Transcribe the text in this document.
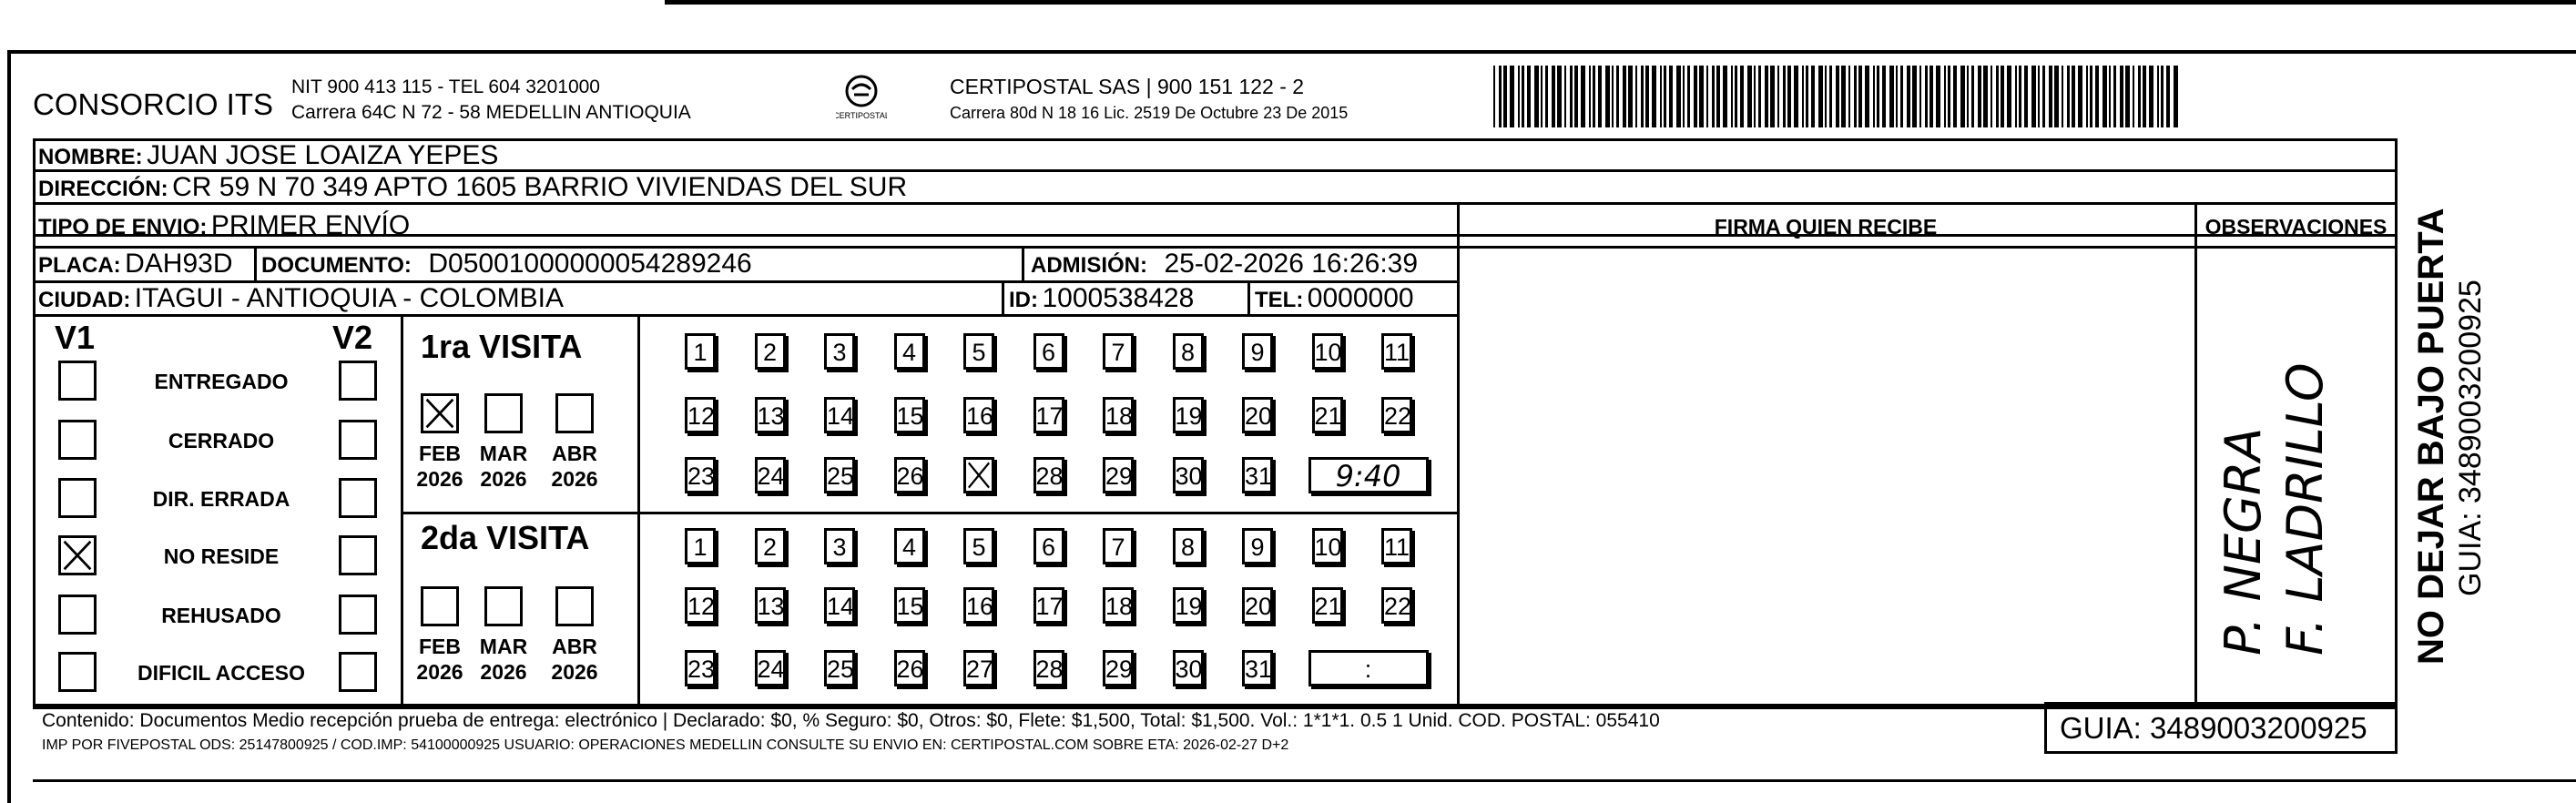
CONSORCIO ITS
NIT 900 413 115 - TEL 604 3201000
Carrera 64C N 72 - 58 MEDELLIN ANTIOQUIA	CERTIPOSTAL
CERTIPOSTAL SAS | 900 151 122 - 2
Carrera 80d N 18 16 Lic. 2519 De Octubre 23 De 2015
NOMBRE: JUAN JOSE LOAIZA YEPES
DIRECCIÓN: CR 59 N 70 349 APTO 1605 BARRIO VIVIENDAS DEL SUR
TIPO DE ENVIO: PRIMER ENVÍO
PLACA: DAH93D DOCUMENTO: D05001000000054289246	ADMISIÓN: 25-02-2026 16:26:39
CIUDAD: ITAGUI - ANTIOQUIA - COLOMBIA	ID: 1000538428	TEL: 0000000
FIRMA QUIEN RECIBE	OBSERVACIONES
P. NEGRA F. LADRILLO
V1	V2
ENTREGADO
CERRADO
DIR. ERRADA
NO RESIDE
REHUSADO
DIFICIL ACCESO
1ra VISITA
2da VISITA
FEB
2026
MAR
2026
ABR
2026
FEB
2026
MAR
2026
ABR
2026
1	2	3	4	5	6	7	8	9	10 11
12 13 14 15 16 17 18 19 20 21 22
23 24 25 26	28 29 30 31	9:40
1	2	3	4	5	6	7	8	9	10 11
12 13 14 15 16 17 18 19 20 21 22
23 24 25 26 27 28 29 30 31	:
Contenido: Documentos Medio recepción prueba de entrega: electrónico | Declarado: $0, % Seguro: $0, Otros: $0, Flete: $1,500, Total: $1,500. Vol.: 1*1*1. 0.5 1 Unid. COD. POSTAL: 055410
IMP POR FIVEPOSTAL ODS: 25147800925 / COD.IMP: 54100000925 USUARIO: OPERACIONES MEDELLIN CONSULTE SU ENVIO EN: CERTIPOSTAL.COM SOBRE ETA: 2026-02-27 D+2
GUIA: 3489003200925
NO DEJAR BAJO PUERTA GUIA: 3489003200925
